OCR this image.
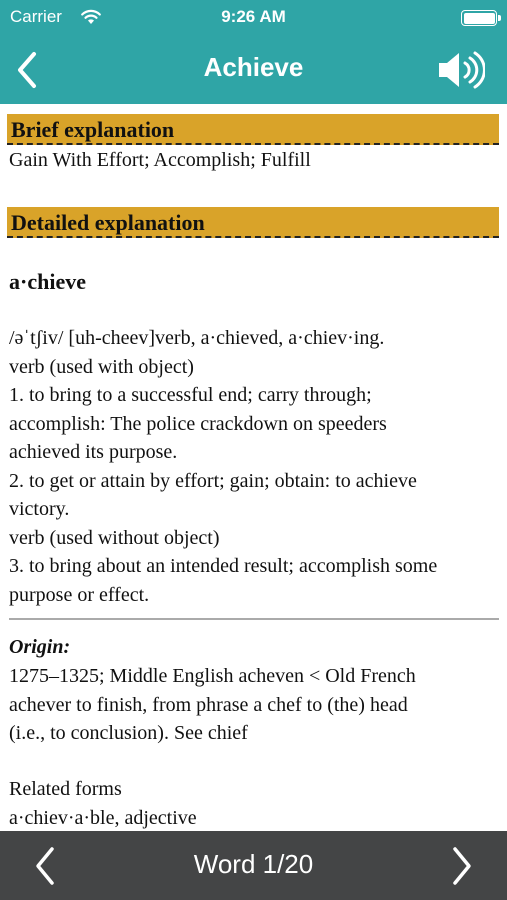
Carrier	9:26 AM
Achieve
Brief explanation
Gain With Effort; Accomplish; Fulfill
Detailed explanation
a·chieve
/əˈtʃiv/ [uh-cheev]verb, a·chieved, a·chiev·ing.
verb (used with object)
1. to bring to a successful end; carry through;
accomplish: The police crackdown on speeders
achieved its purpose.
2. to get or attain by effort; gain; obtain: to achieve
victory.
verb (used without object)
3. to bring about an intended result; accomplish some
purpose or effect.
Origin:
1275–1325; Middle English acheven < Old French
achever to finish, from phrase a chef to (the) head
(i.e., to conclusion). See chief
Related forms
a·chiev·a·ble, adjective
Word 1/20
